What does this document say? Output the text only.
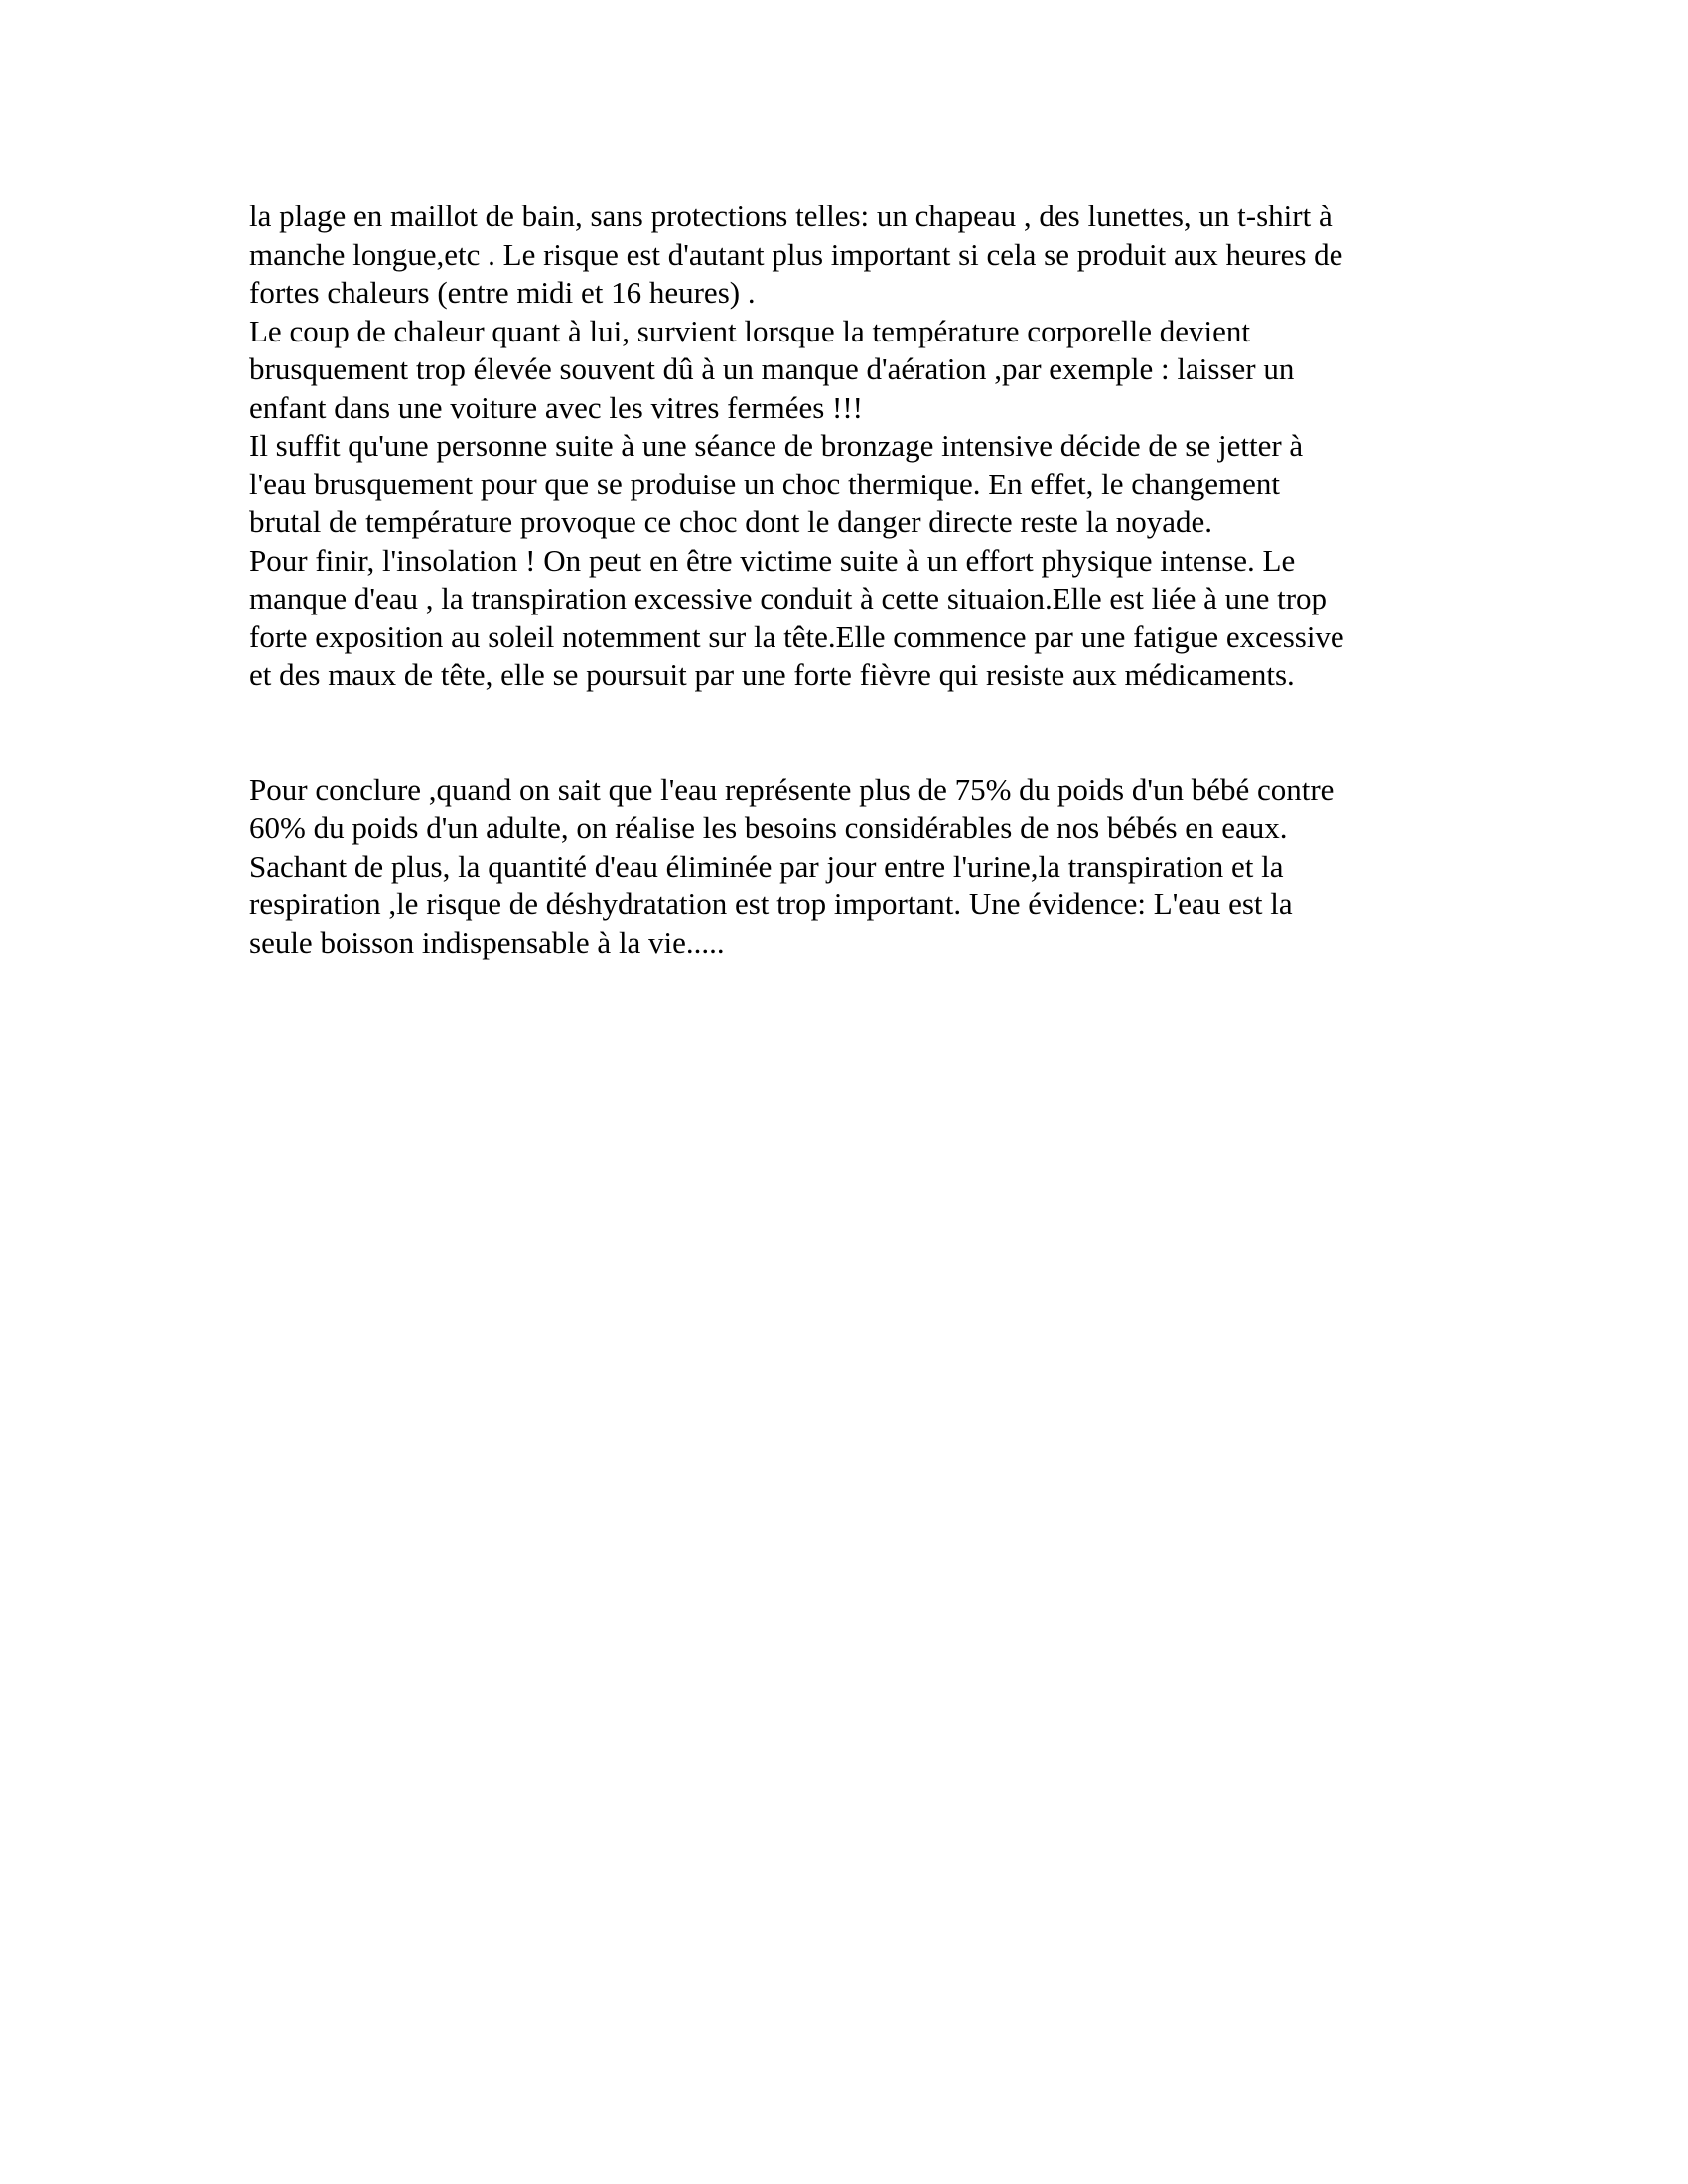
la plage en maillot de bain, sans protections telles: un chapeau , des lunettes, un t-shirt à

manche longue,etc . Le risque est d'autant plus important si cela se produit aux heures de

fortes chaleurs (entre midi et 16 heures) .

Le coup de chaleur quant à lui, survient lorsque la température corporelle devient

brusquement trop élevée souvent dû à un manque d'aération ,par exemple : laisser un

enfant dans une voiture avec les vitres fermées !!!

Il suffit qu'une personne suite à une séance de bronzage intensive décide de se jetter à

l'eau brusquement pour que se produise un choc thermique. En effet, le changement

brutal de température provoque ce choc dont le danger directe reste la noyade.

Pour finir, l'insolation ! On peut en être victime suite à un effort physique intense. Le

manque d'eau , la transpiration excessive conduit à cette situaion.Elle est liée à une trop

forte exposition au soleil notemment sur la tête.Elle commence par une fatigue excessive

et des maux de tête, elle se poursuit par une forte fièvre qui resiste aux médicaments.

Pour conclure ,quand on sait que l'eau représente plus de 75% du poids d'un bébé contre

60% du poids d'un adulte, on réalise les besoins considérables de nos bébés en eaux.

Sachant de plus, la quantité d'eau éliminée par jour entre l'urine,la transpiration et la

respiration ,le risque de déshydratation est trop important. Une évidence: L'eau est la

seule boisson indispensable à la vie.....
